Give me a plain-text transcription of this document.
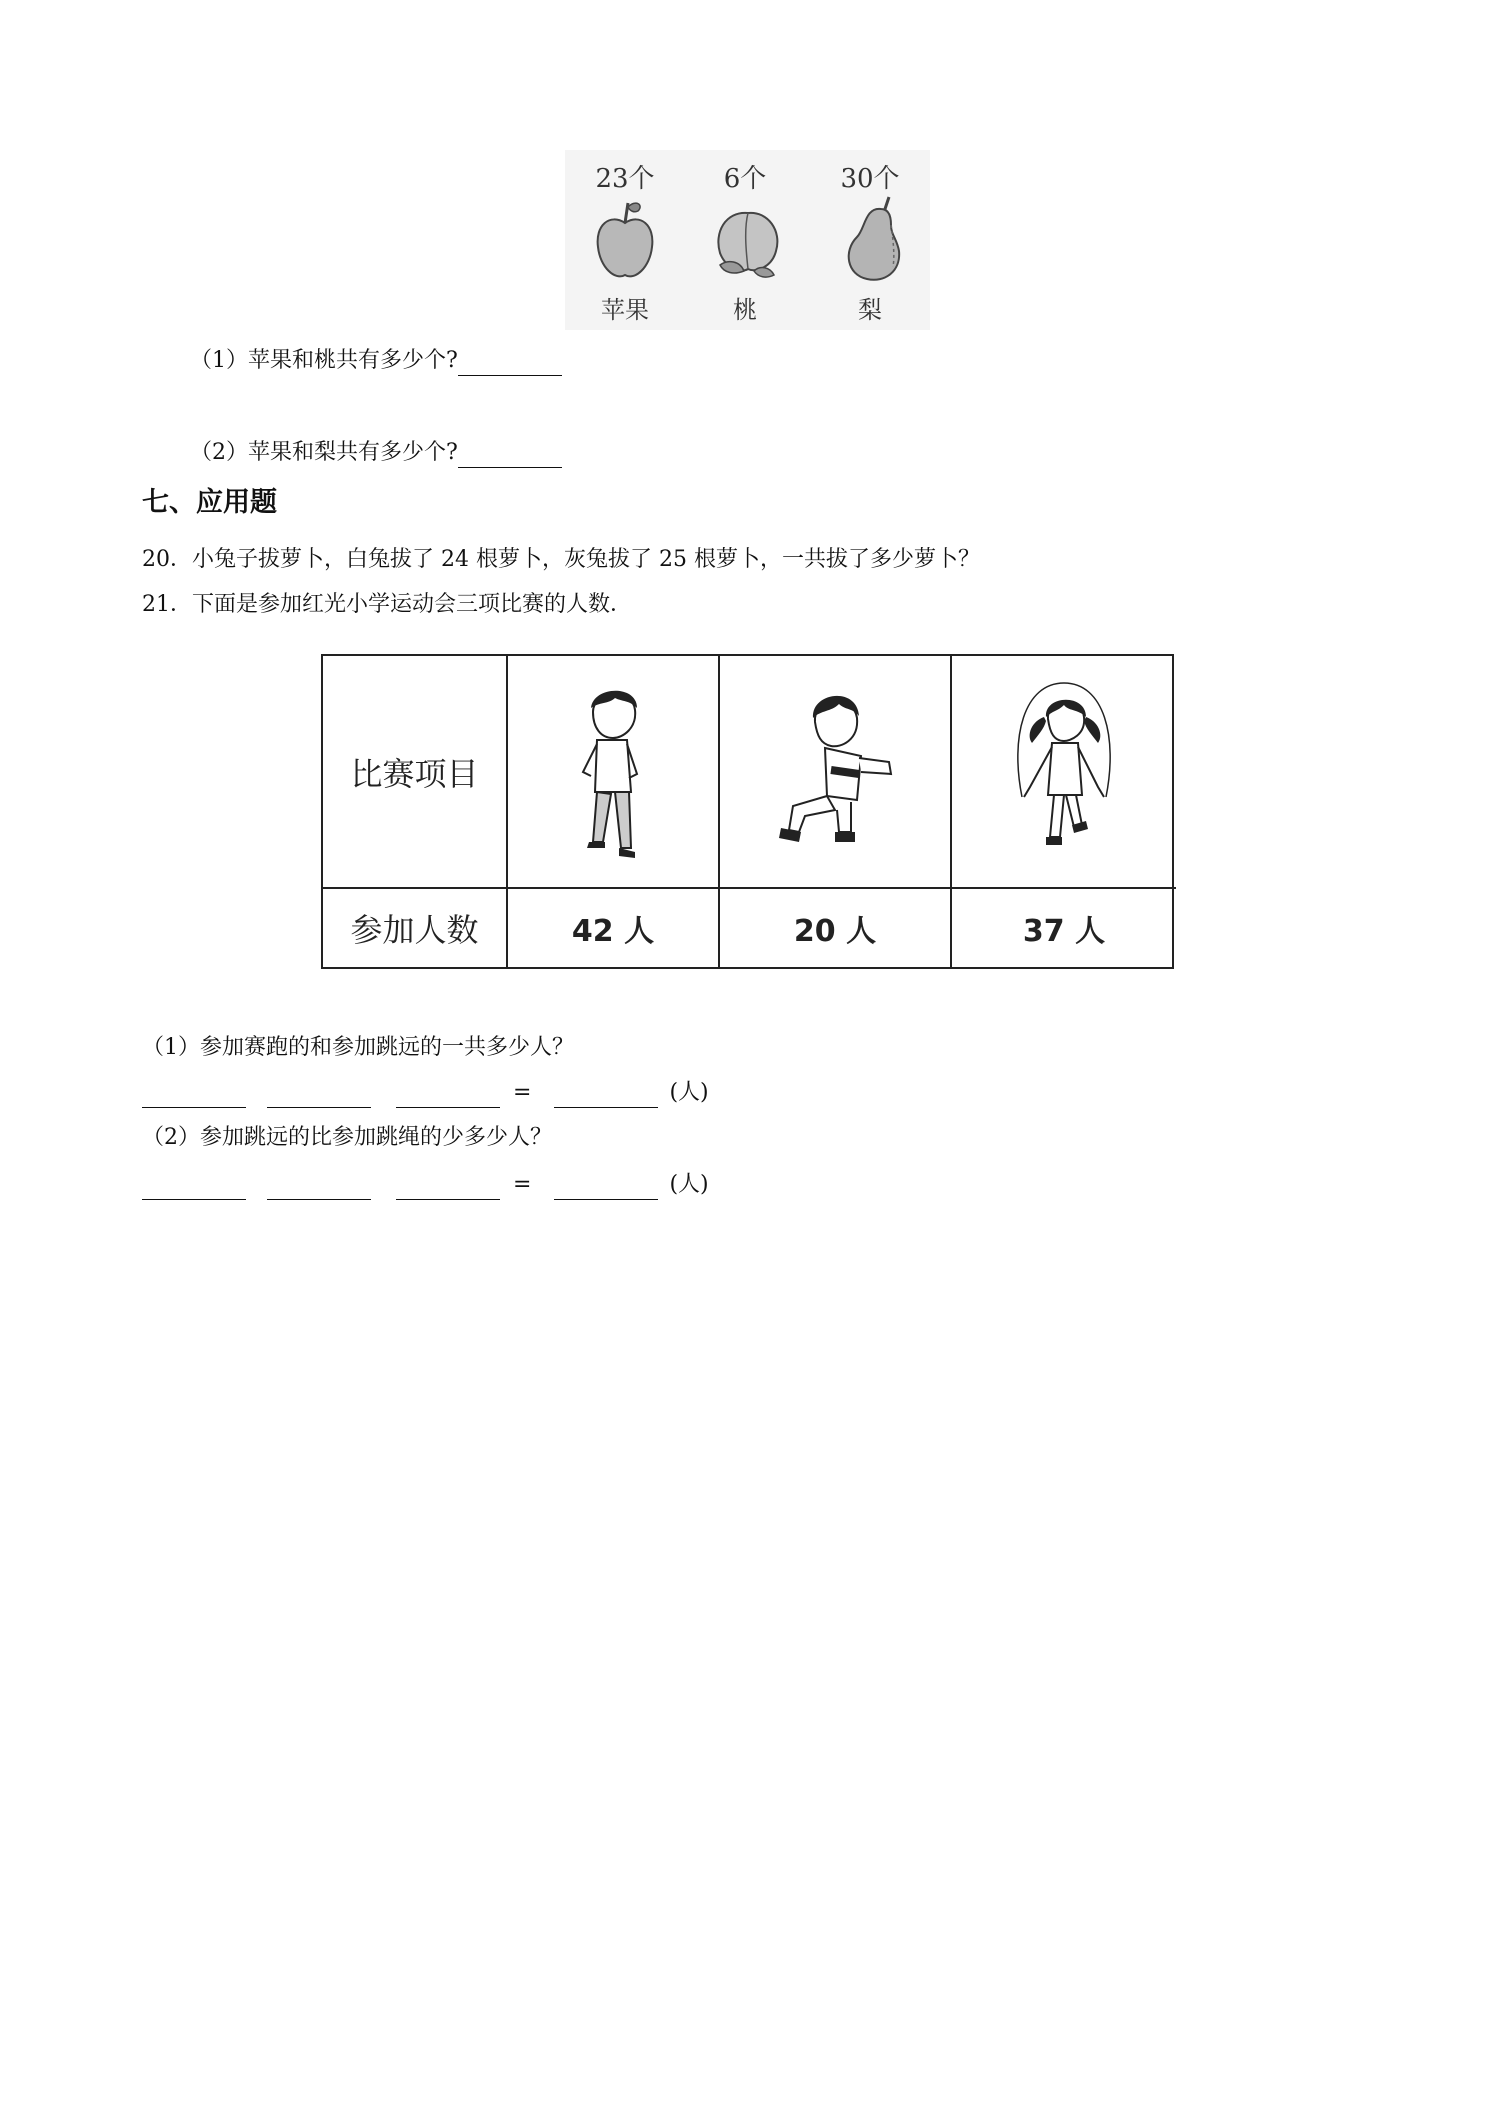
23个
苹果
6个
桃
30个
梨
（1）苹果和桃共有多少个?
（2）苹果和梨共有多少个?
七、应用题
20．小兔子拔萝卜，白兔拔了 24 根萝卜，灰兔拔了 25 根萝卜，一共拔了多少萝卜？
21．下面是参加红光小学运动会三项比赛的人数．
比赛项目
参加人数	42 人	20 人	37 人
（1）参加赛跑的和参加跳远的一共多少人？
=	(人)
（2）参加跳远的比参加跳绳的少多少人？
=	(人)
